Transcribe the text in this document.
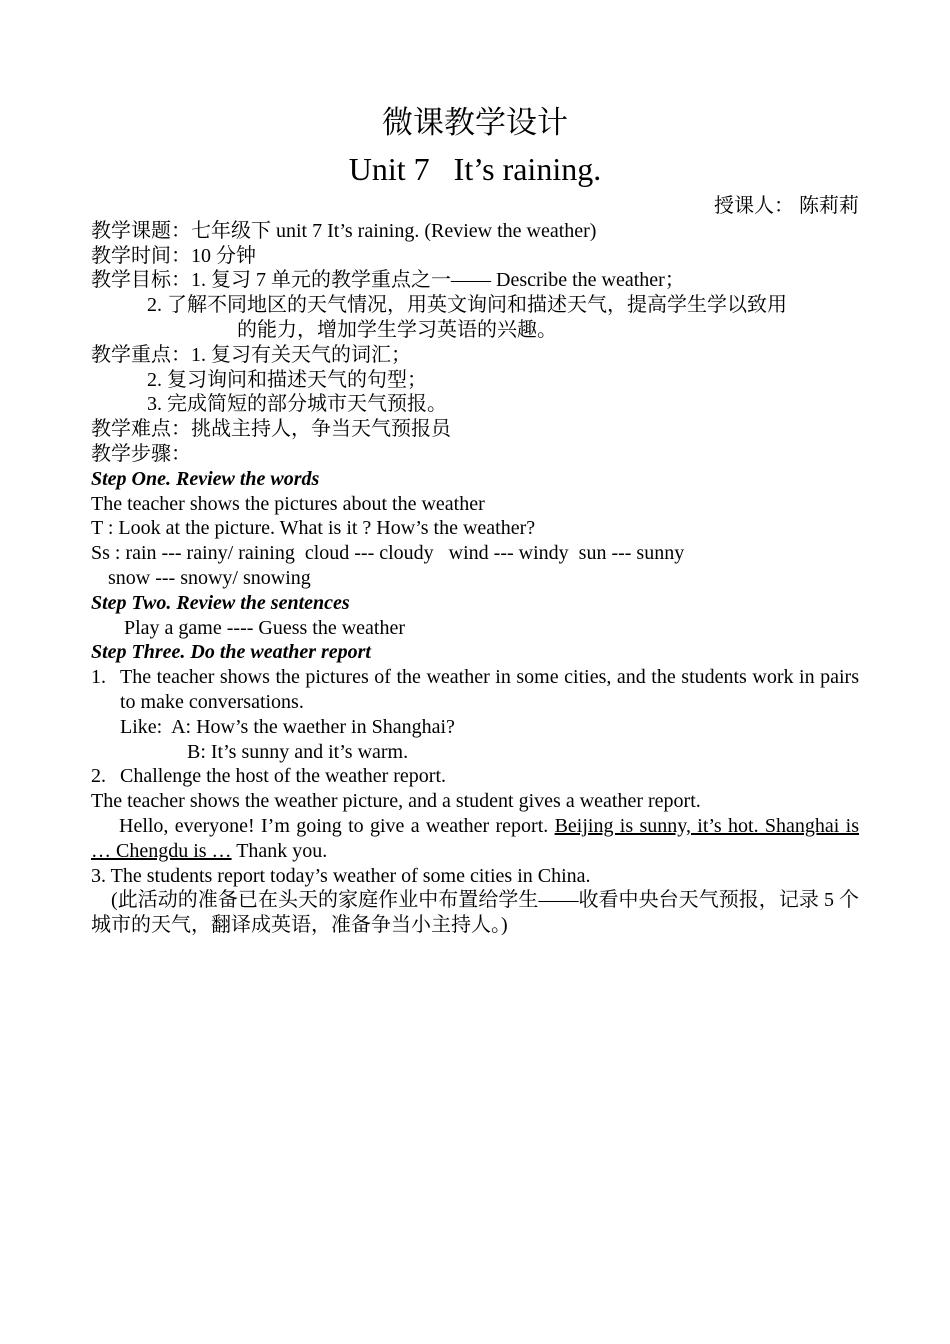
微课教学设计
Unit 7   It’s raining.
授课人： 陈莉莉
教学课题：七年级下 unit 7 It’s raining. (Review the weather)
教学时间：10 分钟
教学目标：1. 复习 7 单元的教学重点之一—— Describe the weather；
2. 了解不同地区的天气情况，用英文询问和描述天气，提高学生学以致用
的能力，增加学生学习英语的兴趣。
教学重点：1. 复习有关天气的词汇；
2. 复习询问和描述天气的句型；
3. 完成简短的部分城市天气预报。
教学难点：挑战主持人，争当天气预报员
教学步骤：
Step One. Review the words
The teacher shows the pictures about the weather
T : Look at the picture. What is it ? How’s the weather?
Ss : rain --- rainy/ raining  cloud --- cloudy   wind --- windy  sun --- sunny
snow --- snowy/ snowing
Step Two. Review the sentences
Play a game ---- Guess the weather
Step Three. Do the weather report
1. The teacher shows the pictures of the weather in some cities, and the students work in pairs to make conversations.
Like:  A: How’s the waether in Shanghai?
B: It’s sunny and it’s warm.
2. Challenge the host of the weather report.
The teacher shows the weather picture, and a student gives a weather report.
Hello, everyone! I’m going to give a weather report. Beijing is sunny, it’s hot. Shanghai is … Chengdu is … Thank you.
3. The students report today’s weather of some cities in China.
(此活动的准备已在头天的家庭作业中布置给学生——收看中央台天气预报，记录 5 个城市的天气，翻译成英语，准备争当小主持人。)
